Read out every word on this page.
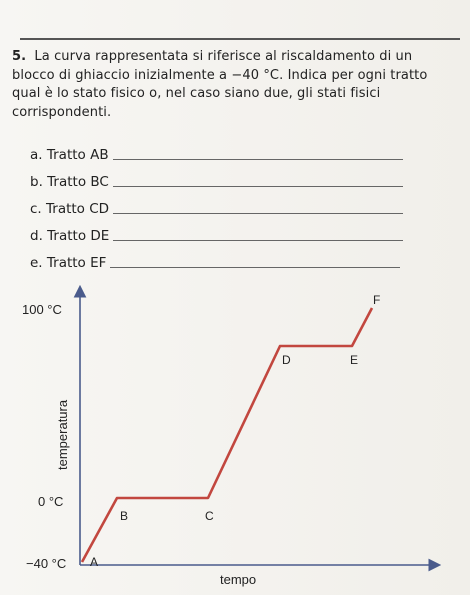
5. La curva rappresentata si riferisce al riscaldamento di un blocco di ghiaccio inizialmente a −40 °C. Indica per ogni tratto qual è lo stato fisico o, nel caso siano due, gli stati fisici corrispondenti.
a. Tratto AB
b. Tratto BC
c. Tratto CD
d. Tratto DE
e. Tratto EF
100 °C
0 °C
−40 °C
temperatura
tempo
A
B	C
D	E
F
